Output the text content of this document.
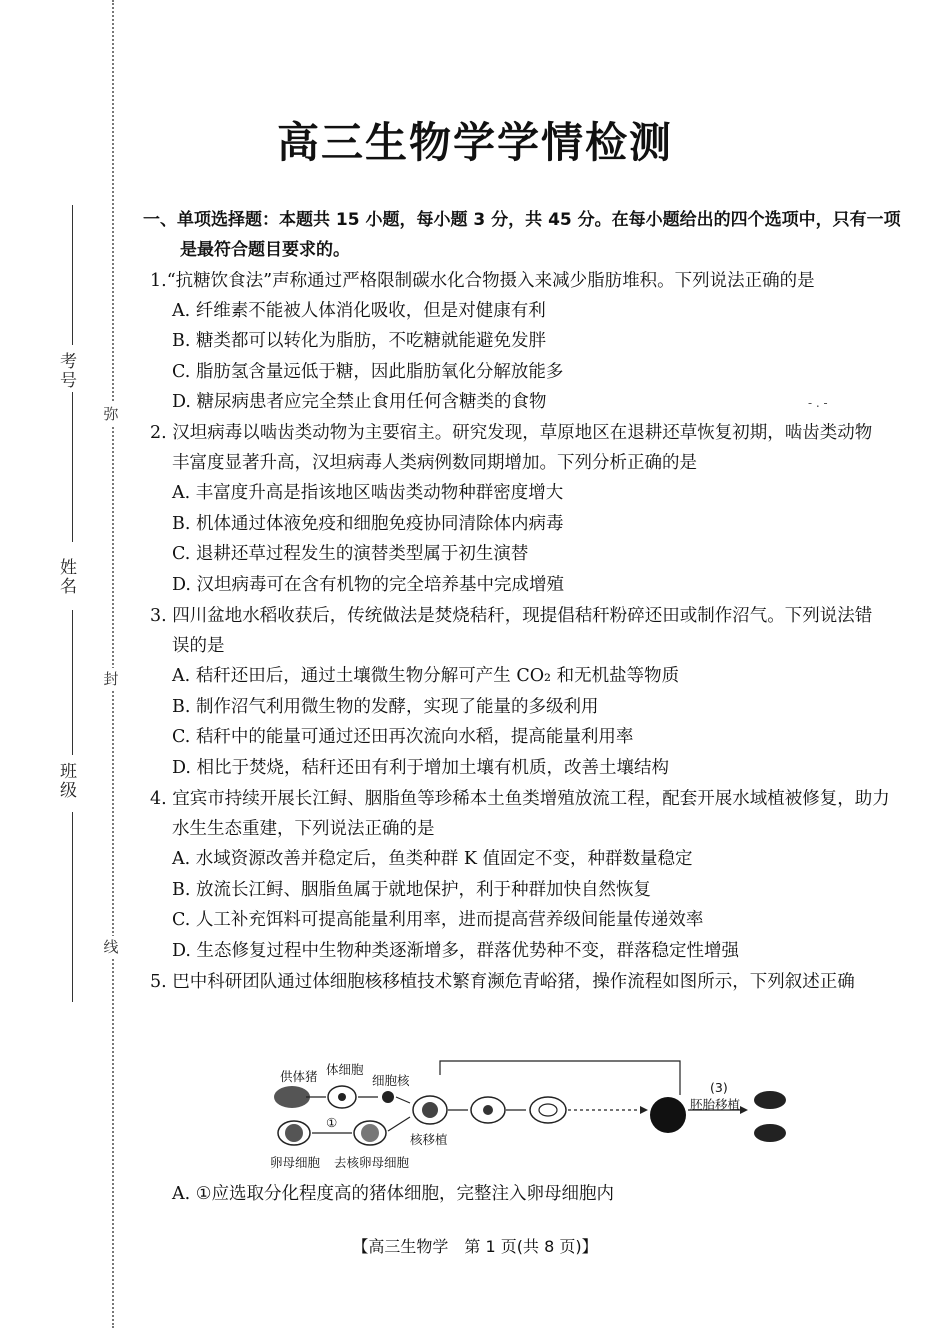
考号
姓名
班级
弥
封
线
高三生物学学情检测
一、单项选择题：本题共 15 小题，每小题 3 分，共 45 分。在每小题给出的四个选项中，只有一项
是最符合题目要求的。
1.“抗糖饮食法”声称通过严格限制碳水化合物摄入来减少脂肪堆积。下列说法正确的是
A. 纤维素不能被人体消化吸收，但是对健康有利
B. 糖类都可以转化为脂肪，不吃糖就能避免发胖
C. 脂肪氢含量远低于糖，因此脂肪氧化分解放能多
D. 糖尿病患者应完全禁止食用任何含糖类的食物	- . -
2. 汉坦病毒以啮齿类动物为主要宿主。研究发现，草原地区在退耕还草恢复初期，啮齿类动物
丰富度显著升高，汉坦病毒人类病例数同期增加。下列分析正确的是
A. 丰富度升高是指该地区啮齿类动物种群密度增大
B. 机体通过体液免疫和细胞免疫协同清除体内病毒
C. 退耕还草过程发生的演替类型属于初生演替
D. 汉坦病毒可在含有机物的完全培养基中完成增殖
3. 四川盆地水稻收获后，传统做法是焚烧秸秆，现提倡秸秆粉碎还田或制作沼气。下列说法错
误的是
A. 秸秆还田后，通过土壤微生物分解可产生 CO₂ 和无机盐等物质
B. 制作沼气利用微生物的发酵，实现了能量的多级利用
C. 秸秆中的能量可通过还田再次流向水稻，提高能量利用率
D. 相比于焚烧，秸秆还田有利于增加土壤有机质，改善土壤结构
4. 宜宾市持续开展长江鲟、胭脂鱼等珍稀本土鱼类增殖放流工程，配套开展水域植被修复，助力
水生生态重建，下列说法正确的是
A. 水域资源改善并稳定后，鱼类种群 K 值固定不变，种群数量稳定
B. 放流长江鲟、胭脂鱼属于就地保护，利于种群加快自然恢复
C. 人工补充饵料可提高能量利用率，进而提高营养级间能量传递效率
D. 生态修复过程中生物种类逐渐增多，群落优势种不变，群落稳定性增强
5. 巴中科研团队通过体细胞核移植技术繁育濒危青峪猪，操作流程如图所示，下列叙述正确
供体猪 体细胞
细胞核
①
卵母细胞 去核卵母细胞
核移植
(3)
胚胎移植
A. ①应选取分化程度高的猪体细胞，完整注入卵母细胞内
【高三生物学　第 1 页(共 8 页)】
